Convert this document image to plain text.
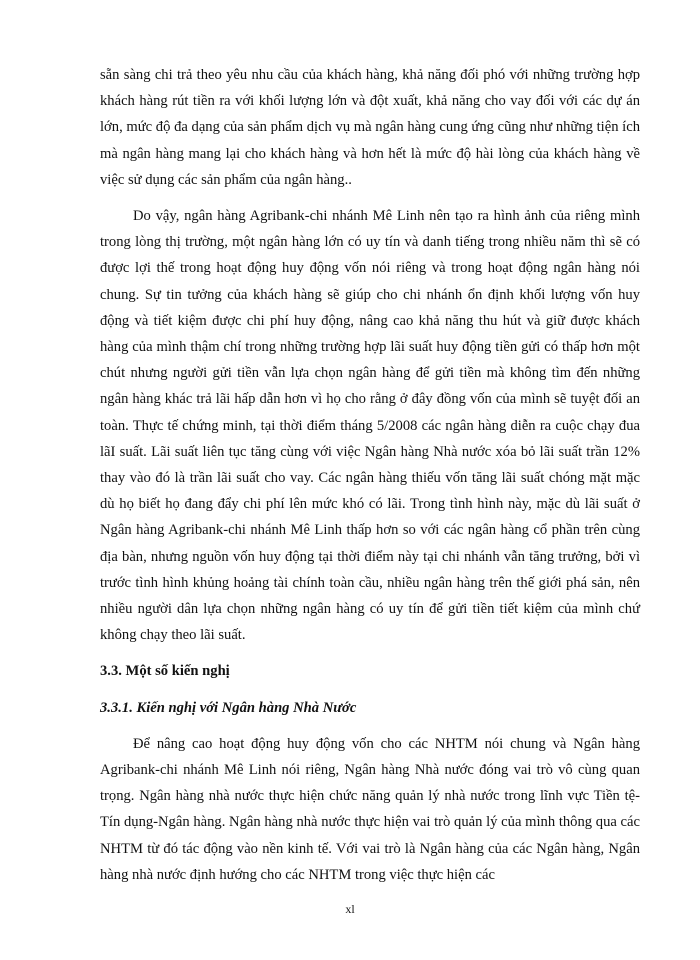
sẵn sàng chi trả theo yêu nhu cầu của khách hàng, khả năng đối phó với những trường hợp khách hàng rút tiền ra với khối lượng lớn và đột xuất, khả năng cho vay đối với các dự án lớn, mức độ đa dạng của sản phẩm dịch vụ mà ngân hàng cung ứng cũng như những tiện ích mà ngân hàng mang lại cho khách hàng và hơn hết là mức độ hài lòng của khách hàng về việc sử dụng các sản phẩm của ngân hàng..

Do vậy, ngân hàng Agribank-chi nhánh Mê Linh nên tạo ra hình ảnh của riêng mình trong lòng thị trường, một ngân hàng lớn có uy tín và danh tiếng trong nhiều năm thì sẽ có được lợi thế trong hoạt động huy động vốn nói riêng và trong hoạt động ngân hàng nói chung. Sự tin tưởng của khách hàng sẽ giúp cho chi nhánh ổn định khối lượng vốn huy động và tiết kiệm được chi phí huy động, nâng cao khả năng thu hút và giữ được khách hàng của mình thậm chí trong những trường hợp lãi suất huy động tiền gửi có thấp hơn một chút nhưng người gửi tiền vẫn lựa chọn ngân hàng để gửi tiền mà không tìm đến những ngân hàng khác trả lãi hấp dẫn hơn vì họ cho rằng ở đây đồng vốn của mình sẽ tuyệt đối an toàn. Thực tế chứng minh, tại thời điểm tháng 5/2008 các ngân hàng diễn ra cuộc chạy đua lãI suất. Lãi suất liên tục tăng cùng với việc Ngân hàng Nhà nước xóa bỏ lãi suất trần 12% thay vào đó là trần lãi suất cho vay. Các ngân hàng thiếu vốn tăng lãi suất chóng mặt mặc dù họ biết họ đang đẩy chi phí lên mức khó có lãi. Trong tình hình này, mặc dù lãi suất ở Ngân hàng Agribank-chi nhánh Mê Linh thấp hơn so với các ngân hàng cổ phần trên cùng địa bàn, nhưng nguồn vốn huy động tại thời điểm này tại chi nhánh vẫn tăng trưởng, bởi vì trước tình hình khủng hoảng tài chính toàn cầu, nhiều ngân hàng trên thế giới phá sản, nên nhiều người dân lựa chọn những ngân hàng có uy tín để gửi tiền tiết kiệm của mình chứ không chạy theo lãi suất.

3.3. Một số kiến nghị
3.3.1. Kiến nghị với Ngân hàng Nhà Nước

Để nâng cao hoạt động huy động vốn cho các NHTM nói chung và Ngân hàng Agribank-chi nhánh Mê Linh nói riêng, Ngân hàng Nhà nước đóng vai trò vô cùng quan trọng. Ngân hàng nhà nước thực hiện chức năng quản lý nhà nước trong lĩnh vực Tiền tệ-Tín dụng-Ngân hàng. Ngân hàng nhà nước thực hiện vai trò quản lý của mình thông qua các NHTM từ đó tác động vào nền kinh tế. Với vai trò là Ngân hàng của các Ngân hàng, Ngân hàng nhà nước định hướng cho các NHTM trong việc thực hiện các

xl
